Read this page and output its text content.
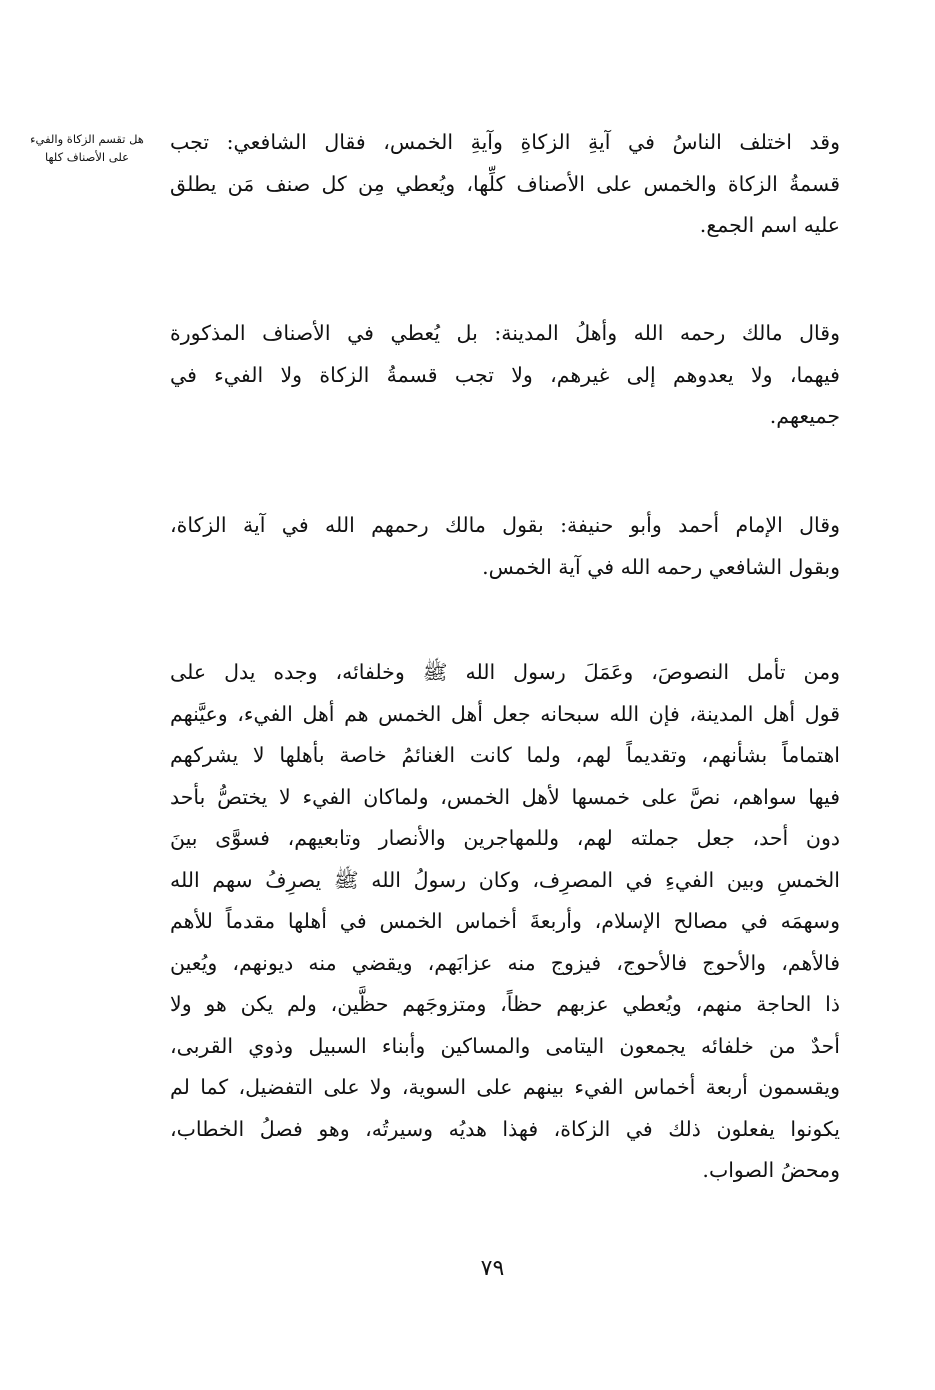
هل تقسم الزكاة والفيء
على الأصناف كلها
وقد اختلف الناسُ في آيةِ الزكاةِ وآيةِ الخمس، فقال الشافعي: تجب
قسمةُ الزكاة والخمس على الأصناف كلِّها، ويُعطي مِن كل صنف مَن يطلق
عليه اسم الجمع.
وقال مالك رحمه الله وأهلُ المدينة: بل يُعطي في الأصناف المذكورة
فيهما، ولا يعدوهم إلى غيرهم، ولا تجب قسمةُ الزكاة ولا الفيء في
جميعهم.
وقال الإمام أحمد وأبو حنيفة: بقول مالك رحمهم الله في آية الزكاة،
وبقول الشافعي رحمه الله في آية الخمس.
ومن تأمل النصوصَ، وعَمَلَ رسول الله ﷺ وخلفائه، وجده يدل على
قول أهل المدينة، فإن الله سبحانه جعل أهل الخمس هم أهل الفيء، وعيَّنهم
اهتماماً بشأنهم، وتقديماً لهم، ولما كانت الغنائمُ خاصة بأهلها لا يشركهم
فيها سواهم، نصَّ على خمسها لأهل الخمس، ولماكان الفيء لا يختصُّ بأحد
دون أحد، جعل جملته لهم، وللمهاجرين والأنصار وتابعيهم، فسوَّى بينَ
الخمسِ وبين الفيءِ في المصرِف، وكان رسولُ الله ﷺ يصرِفُ سهم الله
وسهمَه في مصالح الإسلام، وأربعةَ أخماس الخمس في أهلها مقدماً للأهم
فالأهم، والأحوج فالأحوج، فيزوج منه عزابَهم، ويقضي منه ديونهم، ويُعين
ذا الحاجة منهم، ويُعطي عزبهم حظاً، ومتزوجَهم حظَّين، ولم يكن هو ولا
أحدٌ من خلفائه يجمعون اليتامى والمساكين وأبناء السبيل وذوي القربى،
ويقسمون أربعة أخماس الفيء بينهم على السوية، ولا على التفضيل، كما لم
يكونوا يفعلون ذلك في الزكاة، فهذا هديُه وسيرتُه، وهو فصلُ الخطاب،
ومحضُ الصواب.
٧٩
